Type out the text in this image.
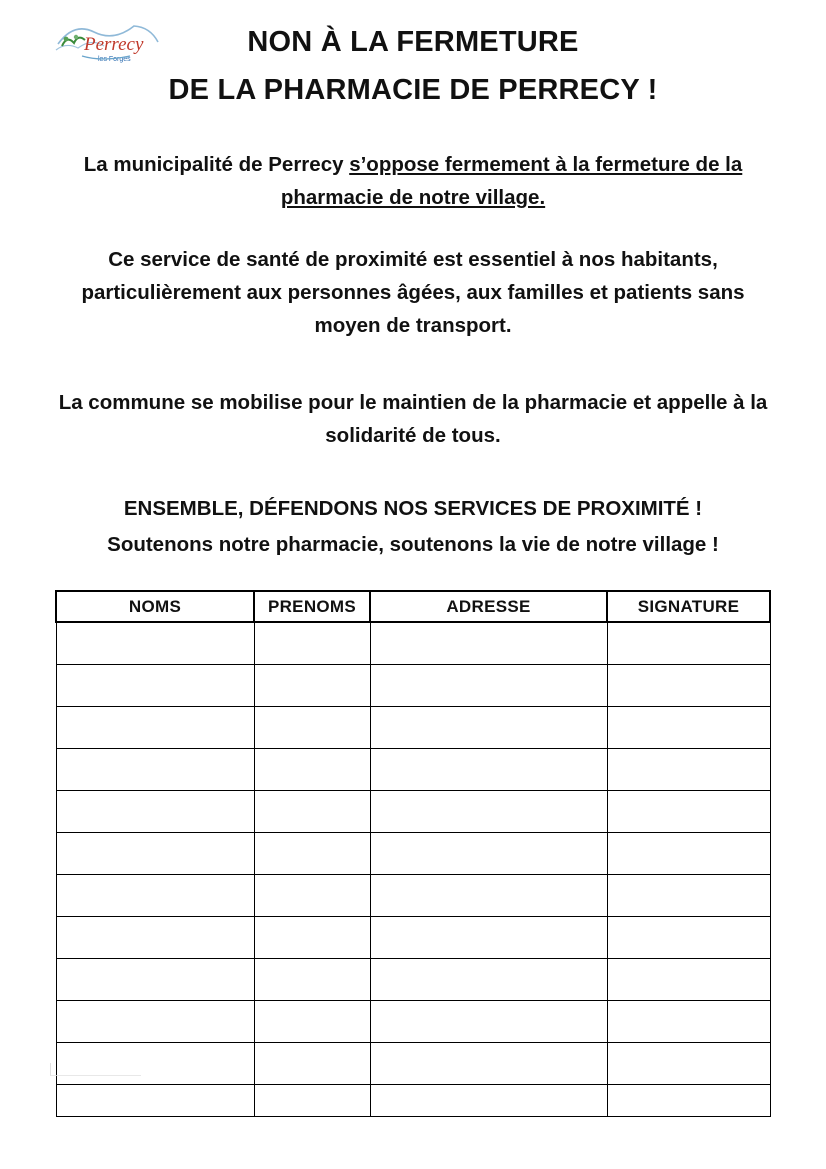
Perrecy
les Forges
NON À LA FERMETURE
DE LA PHARMACIE DE PERRECY !

La municipalité de Perrecy s’oppose fermement à la fermeture de la pharmacie de notre village.

Ce service de santé de proximité est essentiel à nos habitants, particulièrement aux personnes âgées, aux familles et patients sans moyen de transport.

La commune se mobilise pour le maintien de la pharmacie et appelle à la solidarité de tous.

ENSEMBLE, DÉFENDONS NOS SERVICES DE PROXIMITÉ !

Soutenons notre pharmacie, soutenons la vie de notre village !

NOMS	PRENOMS	ADRESSE	SIGNATURE
